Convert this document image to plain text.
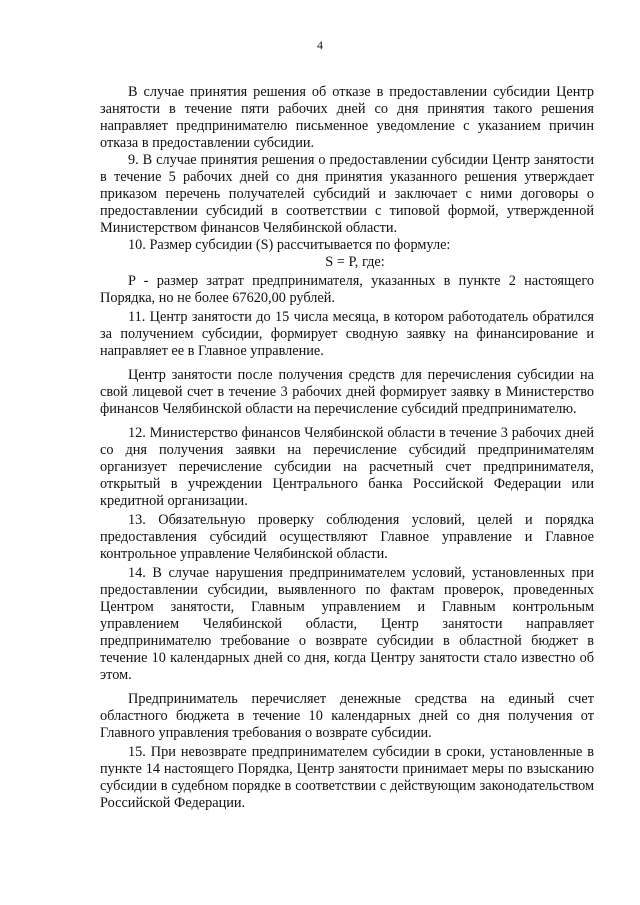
4

В случае принятия решения об отказе в предоставлении субсидии Центр занятости в течение пяти рабочих дней со дня принятия такого решения направляет предпринимателю письменное уведомление с указанием причин отказа в предоставлении субсидии.

9. В случае принятия решения о предоставлении субсидии Центр занятости в течение 5 рабочих дней со дня принятия указанного решения утверждает приказом перечень получателей субсидий и заключает с ними договоры о предоставлении субсидий в соответствии с типовой формой, утвержденной Министерством финансов Челябинской области.

10. Размер субсидии (S) рассчитывается по формуле:

S = P, где:

P - размер затрат предпринимателя, указанных в пункте 2 настоящего Порядка, но не более 67620,00 рублей.

11. Центр занятости до 15 числа месяца, в котором работодатель обратился за получением субсидии, формирует сводную заявку на финансирование и направляет ее в Главное управление.

Центр занятости после получения средств для перечисления субсидии на свой лицевой счет в течение 3 рабочих дней формирует заявку в Министерство финансов Челябинской области на перечисление субсидий предпринимателю.

12. Министерство финансов Челябинской области в течение 3 рабочих дней со дня получения заявки на перечисление субсидий предпринимателям организует перечисление субсидии на расчетный счет предпринимателя, открытый в учреждении Центрального банка Российской Федерации или кредитной организации.

13. Обязательную проверку соблюдения условий, целей и порядка предоставления субсидий осуществляют Главное управление и Главное контрольное управление Челябинской области.

14. В случае нарушения предпринимателем условий, установленных при предоставлении субсидии, выявленного по фактам проверок, проведенных Центром занятости, Главным управлением и Главным контрольным управлением Челябинской области, Центр занятости направляет предпринимателю требование о возврате субсидии в областной бюджет в течение 10 календарных дней со дня, когда Центру занятости стало известно об этом.

Предприниматель перечисляет денежные средства на единый счет областного бюджета в течение 10 календарных дней со дня получения от Главного управления требования о возврате субсидии.

15. При невозврате предпринимателем субсидии в сроки, установленные в пункте 14 настоящего Порядка, Центр занятости принимает меры по взысканию субсидии в судебном порядке в соответствии с действующим законодательством Российской Федерации.
